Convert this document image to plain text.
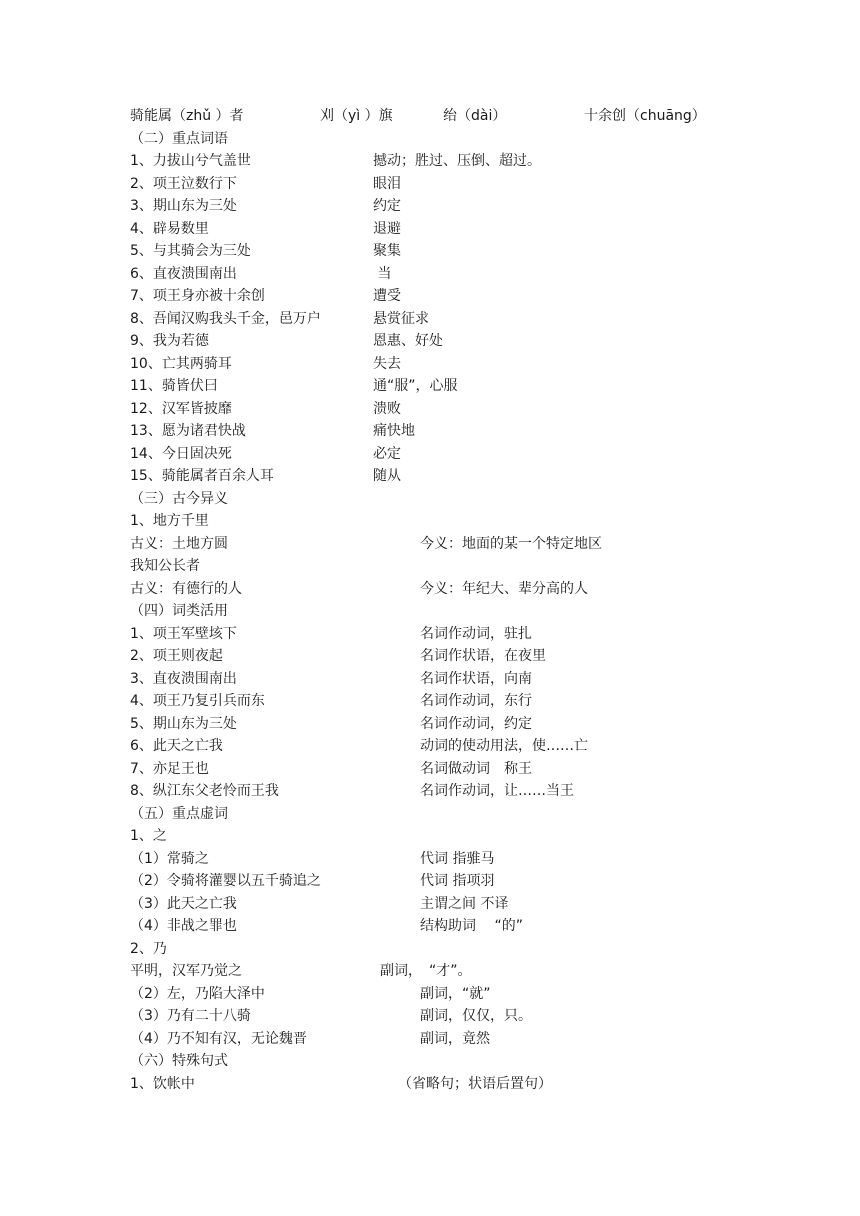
骑能属（zhǔ ）者	刈（yì ）旗	绐（dài）	十余创（chuāng）
（二）重点词语
1、力拔山兮气盖世	撼动；胜过、压倒、超过。
2、项王泣数行下	眼泪
3、期山东为三处	约定
4、辟易数里	退避
5、与其骑会为三处	聚集
6、直夜溃围南出	当
7、项王身亦被十余创	遭受
8、吾闻汉购我头千金，邑万户	悬赏征求
9、我为若德	恩惠、好处
10、亡其两骑耳	失去
11、骑皆伏曰	通“服”，心服
12、汉军皆披靡	溃败
13、愿为诸君快战	痛快地
14、今日固决死	必定
15、骑能属者百余人耳	随从
（三）古今异义
1、地方千里
古义：土地方圆	今义：地面的某一个特定地区
我知公长者
古义：有德行的人	今义：年纪大、辈分高的人
（四）词类活用
1、项王军壁垓下	名词作动词，驻扎
2、项王则夜起	名词作状语，在夜里
3、直夜溃围南出	名词作状语，向南
4、项王乃复引兵而东	名词作动词，东行
5、期山东为三处	名词作动词，约定
6、此天之亡我	动词的使动用法，使……亡
7、亦足王也	名词做动词　称王
8、纵江东父老怜而王我	名词作动词，让……当王
（五）重点虚词
1、之
（1）常骑之	代词 指骓马
（2）令骑将灌婴以五千骑追之	代词 指项羽
（3）此天之亡我	主谓之间 不译
（4）非战之罪也	结构助词　 “的”
2、乃
平明，汉军乃觉之	副词，　“才”。
（2）左，乃陷大泽中	副词，“就”
（3）乃有二十八骑	副词，仅仅，只。
（4）乃不知有汉，无论魏晋	副词，竟然
（六）特殊句式
1、饮帐中	（省略句；状语后置句）
